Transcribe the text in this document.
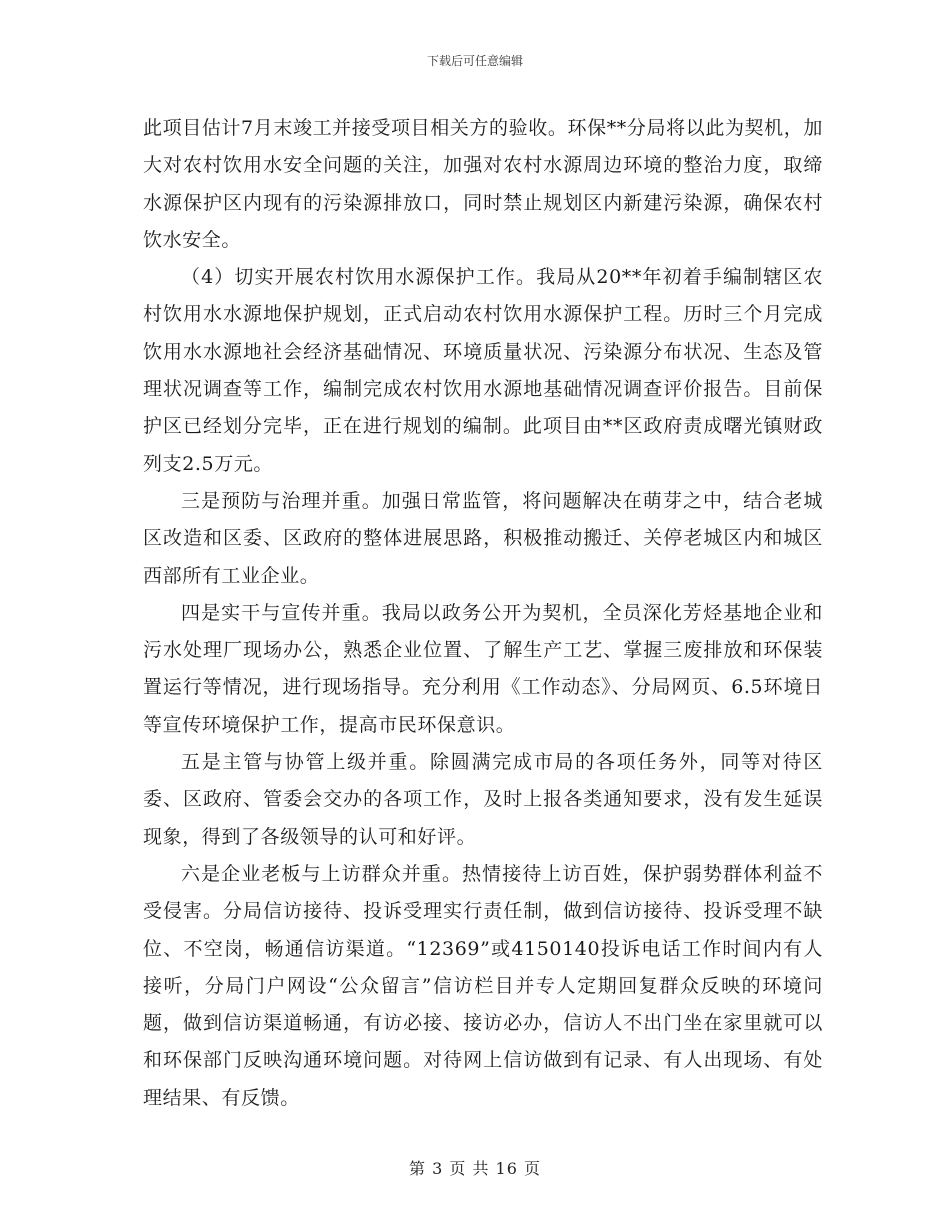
下载后可任意编辑

此项目估计7月末竣工并接受项目相关方的验收。环保**分局将以此为契机，加大对农村饮用水安全问题的关注，加强对农村水源周边环境的整治力度，取缔水源保护区内现有的污染源排放口，同时禁止规划区内新建污染源，确保农村饮水安全。

（4）切实开展农村饮用水源保护工作。我局从20**年初着手编制辖区农村饮用水水源地保护规划，正式启动农村饮用水源保护工程。历时三个月完成饮用水水源地社会经济基础情况、环境质量状况、污染源分布状况、生态及管理状况调查等工作，编制完成农村饮用水源地基础情况调查评价报告。目前保护区已经划分完毕，正在进行规划的编制。此项目由**区政府责成曙光镇财政列支2.5万元。

三是预防与治理并重。加强日常监管，将问题解决在萌芽之中，结合老城区改造和区委、区政府的整体进展思路，积极推动搬迁、关停老城区内和城区西部所有工业企业。

四是实干与宣传并重。我局以政务公开为契机，全员深化芳烃基地企业和污水处理厂现场办公，熟悉企业位置、了解生产工艺、掌握三废排放和环保装置运行等情况，进行现场指导。充分利用《工作动态》、分局网页、6.5环境日等宣传环境保护工作，提高市民环保意识。

五是主管与协管上级并重。除圆满完成市局的各项任务外，同等对待区委、区政府、管委会交办的各项工作，及时上报各类通知要求，没有发生延误现象，得到了各级领导的认可和好评。

六是企业老板与上访群众并重。热情接待上访百姓，保护弱势群体利益不受侵害。分局信访接待、投诉受理实行责任制，做到信访接待、投诉受理不缺位、不空岗，畅通信访渠道。“12369”或4150140投诉电话工作时间内有人接听，分局门户网设“公众留言”信访栏目并专人定期回复群众反映的环境问题，做到信访渠道畅通，有访必接、接访必办，信访人不出门坐在家里就可以和环保部门反映沟通环境问题。对待网上信访做到有记录、有人出现场、有处理结果、有反馈。

第 3 页 共 16 页
